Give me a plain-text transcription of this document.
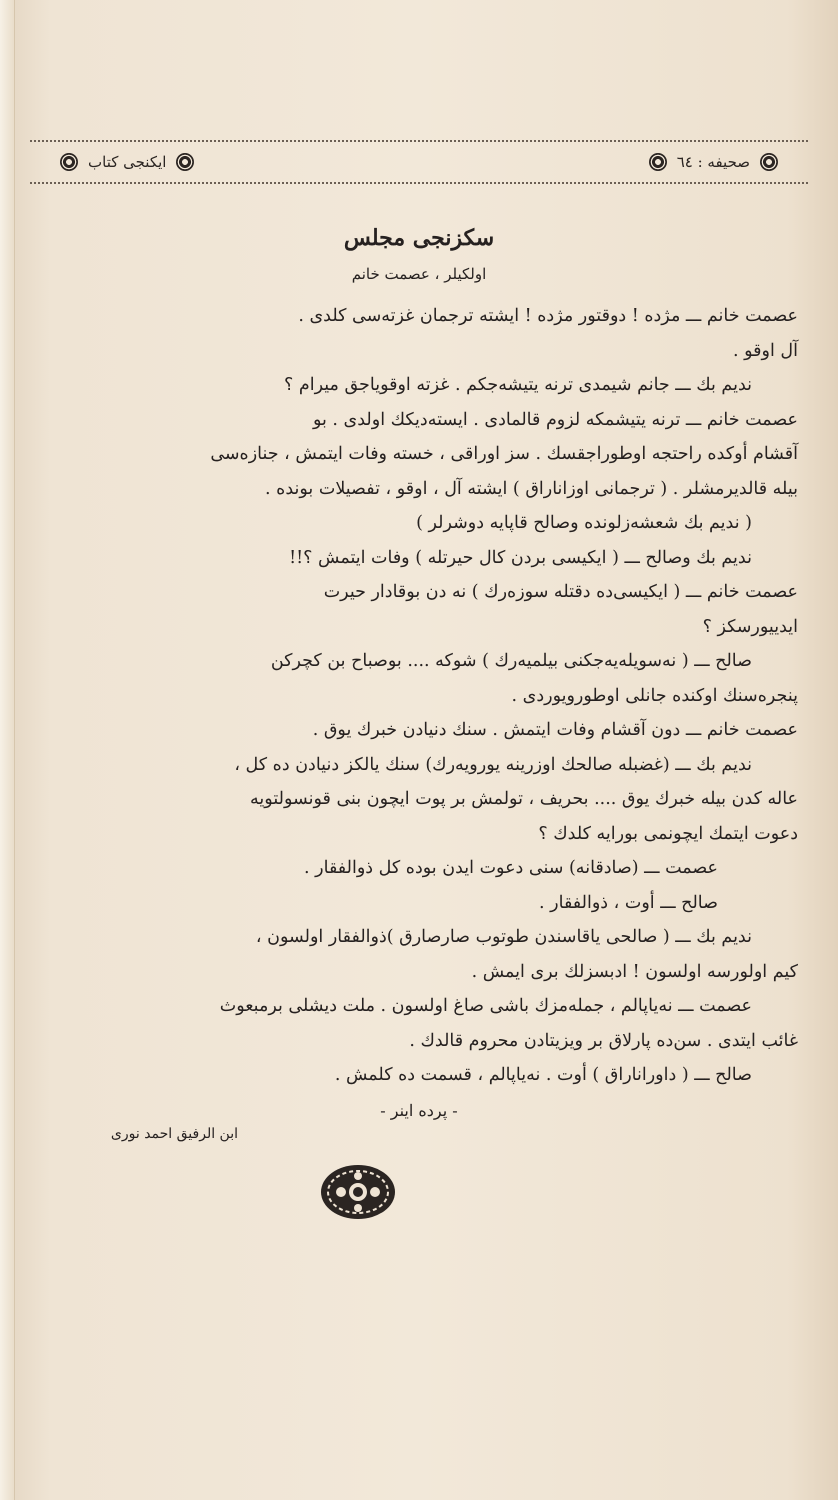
صحیفه : ٦٤
ایکنجی کتاب
سکزنجی مجلس
اولکیلر ، عصمت خانم
عصمت خانم ـــ مژده ! دوقتور مژده ! ایشته ترجمان غزته‌سی کلدی .
آل اوقو .
ندیم بك ـــ جانم شیمدی ترنه یتیشه‌جکم . غزته اوقویاجق میرام ؟
عصمت خانم ـــ ترنه یتیشمکه لزوم قالمادی . ایسته‌دیکك اولدی . بو
آقشام أوکده راحتجه اوطوراجقسك . سز اوراقی ، خسته وفات ایتمش ، جنازه‌سی
بیله قالدیرمشلر . ( ترجمانی اوزاناراق ) ایشته آل ، اوقو ، تفصیلات بونده .
( ندیم بك شعشه‌زلونده وصالح قاپایه دوشرلر )
ندیم بك وصالح ـــ ( ایکیسی بردن کال حیرتله ) وفات ایتمش ؟!!
عصمت خانم ـــ ( ایکیسی‌ده دقتله سوزه‌رك ) نه دن بوقادار حیرت
ایدییورسکز ؟
صالح ـــ ( نه‌سویله‌یه‌جکنی بیلمیه‌رك ) شوکه .... بوصباح بن کچرکن
پنجره‌سنك اوکنده جانلی اوطورویوردی .
عصمت خانم ـــ دون آقشام وفات ایتمش . سنك دنیادن خبرك یوق .
ندیم بك ـــ (غضبله صالحك اوزرینه یورویه‌رك) سنك یالکز دنیادن ده کل ،
عاله کدن بیله خبرك یوق .... بحریف ، تولمش بر پوت ایچون بنی قونسولتویه
دعوت ایتمك ایچونمی بورایه کلدك ؟
عصمت ـــ (صادقانه) سنی دعوت ایدن بوده کل ذوالفقار .
صالح ـــ أوت ، ذوالفقار .
ندیم بك ـــ ( صالحی یاقاسندن طوتوب صارصارق )ذوالفقار اولسون ،
کیم اولورسه اولسون ! ادبسزلك بری ایمش .
عصمت ـــ نه‌یاپالم ، جمله‌مزك باشی صاغ اولسون . ملت دیشلی برمبعوث
غائب ایتدی . سن‌ده پارلاق بر ویزیتادن محروم قالدك .
صالح ـــ ( داوراناراق ) أوت . نه‌یاپالم ، قسمت ده کلمش .
- پرده اینر -
ابن الرفیق احمد نوری
